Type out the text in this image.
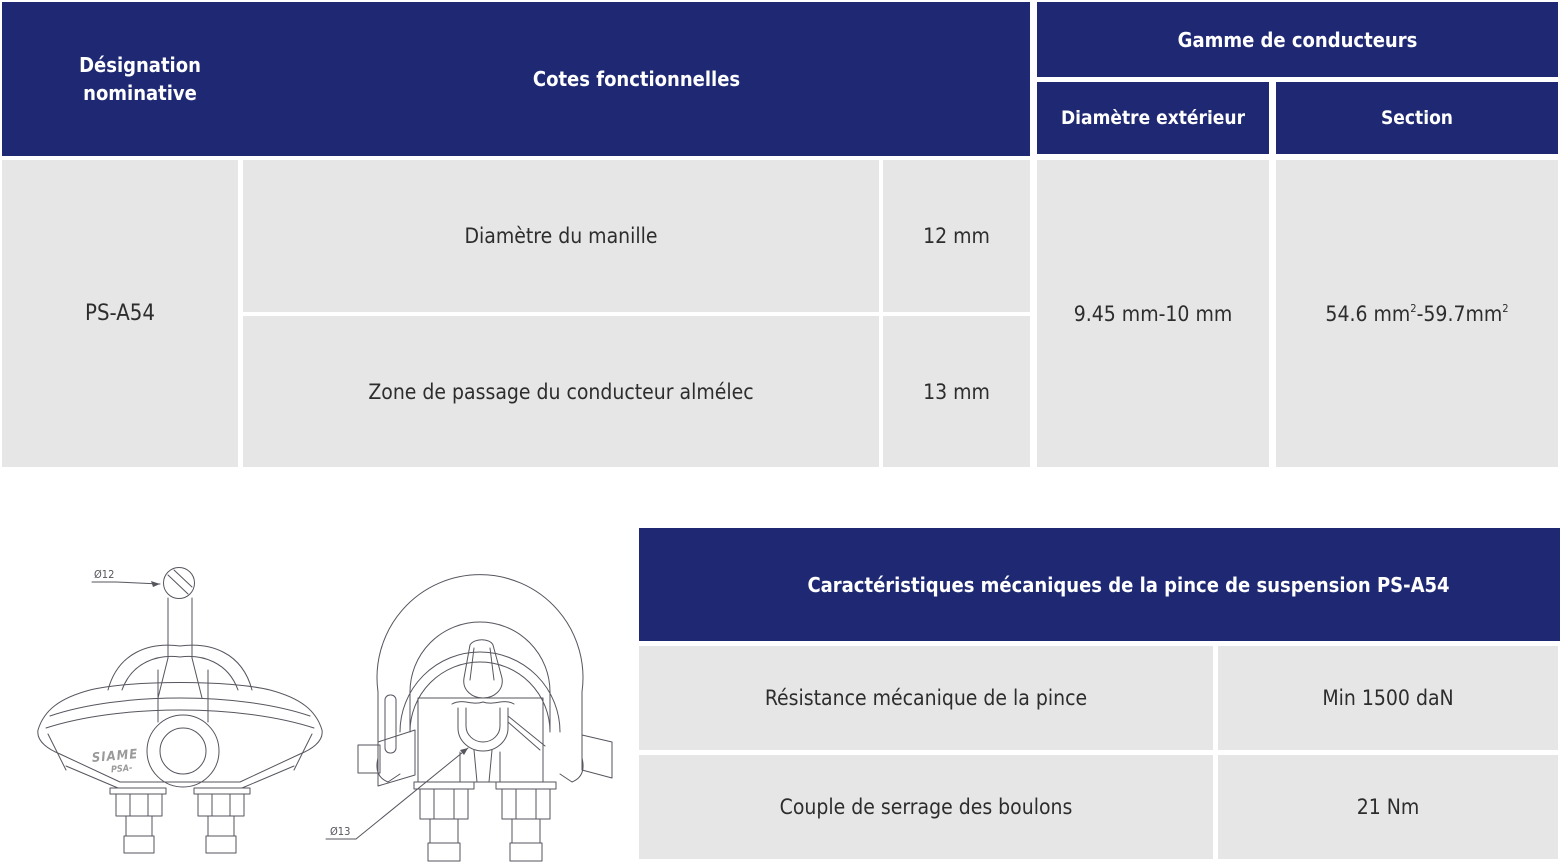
Désignation nominative
Cotes fonctionnelles
Gamme de conducteurs
Diamètre extérieur	Section
PS-A54
Diamètre du manille	12 mm
Zone de passage du conducteur almélec	13 mm
9.45 mm-10 mm	54.6 $mm^2-59.7mm^2$
Ø12
SIAME
PSA-
Ø13
Caractéristiques mécaniques de la pince de suspension PS-A54
Résistance mécanique de la pince	Min 1500 daN
Couple de serrage des boulons	21 Nm
